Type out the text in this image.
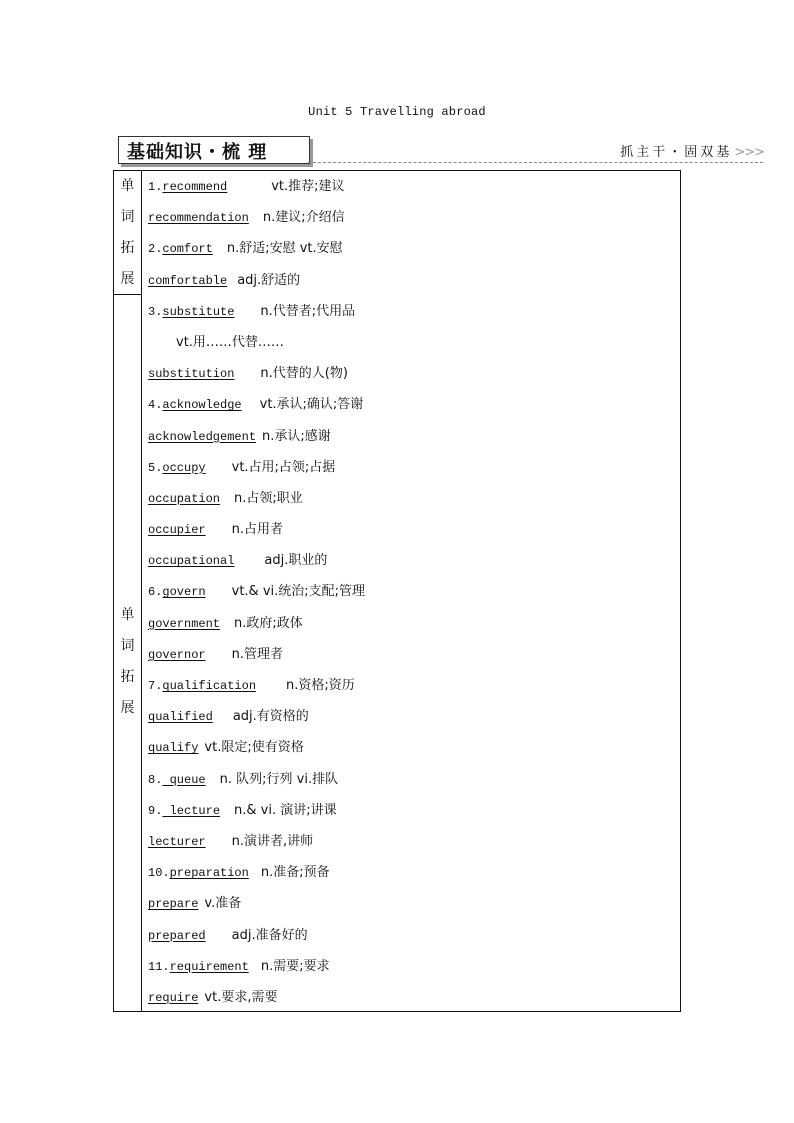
Unit 5 Travelling abroad
基础知识・梳 理	抓主干・固双基 >>>
单
词
拓
展
单
词
拓
展
1.recommend	vt.推荐;建议
recommendation n.建议;介绍信
2.comfort n.舒适;安慰 vt.安慰
comfortable adj.舒适的
3.substitute n.代替者;代用品
vt.用……代替……
substitution n.代替的人(物)
4.acknowledge vt.承认;确认;答谢
acknowledgement n.承认;感谢
5.occupy vt.占用;占领;占据
occupation n.占领;职业
occupier n.占用者
occupational adj.职业的
6.govern vt.& vi.统治;支配;管理
government n.政府;政体
governor n.管理者
7.qualification n.资格;资历
qualified adj.有资格的
qualify vt.限定;使有资格
8. queue n. 队列;行列 vi.排队
9. lecture n.& vi. 演讲;讲课
lecturer n.演讲者,讲师
10.preparation n.准备;预备
prepare v.准备
prepared adj.准备好的
11.requirement n.需要;要求
require vt.要求,需要
